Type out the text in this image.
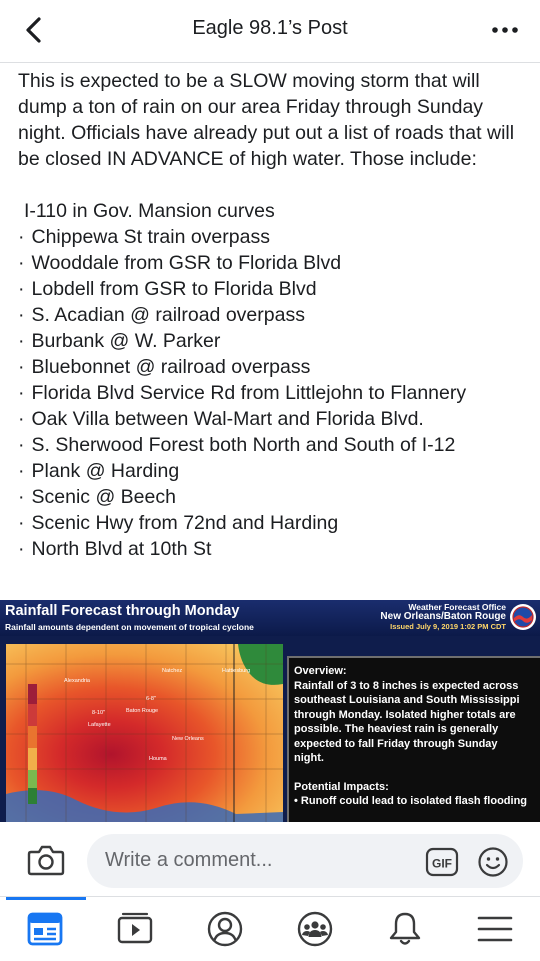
Eagle 98.1’s Post

This is expected to be a SLOW moving storm that will dump a ton of rain on our area Friday through Sunday night. Officials have already put out a list of roads that will be closed IN ADVANCE of high water. Those include:

I-110 in Gov. Mansion curves
· Chippewa St train overpass
· Wooddale from GSR to Florida Blvd
· Lobdell from GSR to Florida Blvd
· S. Acadian @ railroad overpass
· Burbank @ W. Parker
· Bluebonnet @ railroad overpass
· Florida Blvd Service Rd from Littlejohn to Flannery
· Oak Villa between Wal-Mart and Florida Blvd.
· S. Sherwood Forest both North and South of I-12
· Plank @ Harding
· Scenic @ Beech
· Scenic Hwy from 72nd and Harding
· North Blvd at 10th St
Rainfall Forecast through Monday
Rainfall amounts dependent on movement of tropical cyclone
Weather Forecast Office
New Orleans/Baton Rouge
Issued July 9, 2019 1:02 PM CDT
Alexandria
Natchez	Hattiesburg
Baton Rouge
Lafayette
New Orleans
Houma
8-10"
6-8"

Overview:

Rainfall of 3 to 8 inches is expected across southeast Louisiana and South Mississippi through Monday. Isolated higher totals are possible. The heaviest rain is generally expected to fall Friday through Sunday night.

Potential Impacts:

• Runoff could lead to isolated flash flooding

Write a comment...	GIF
